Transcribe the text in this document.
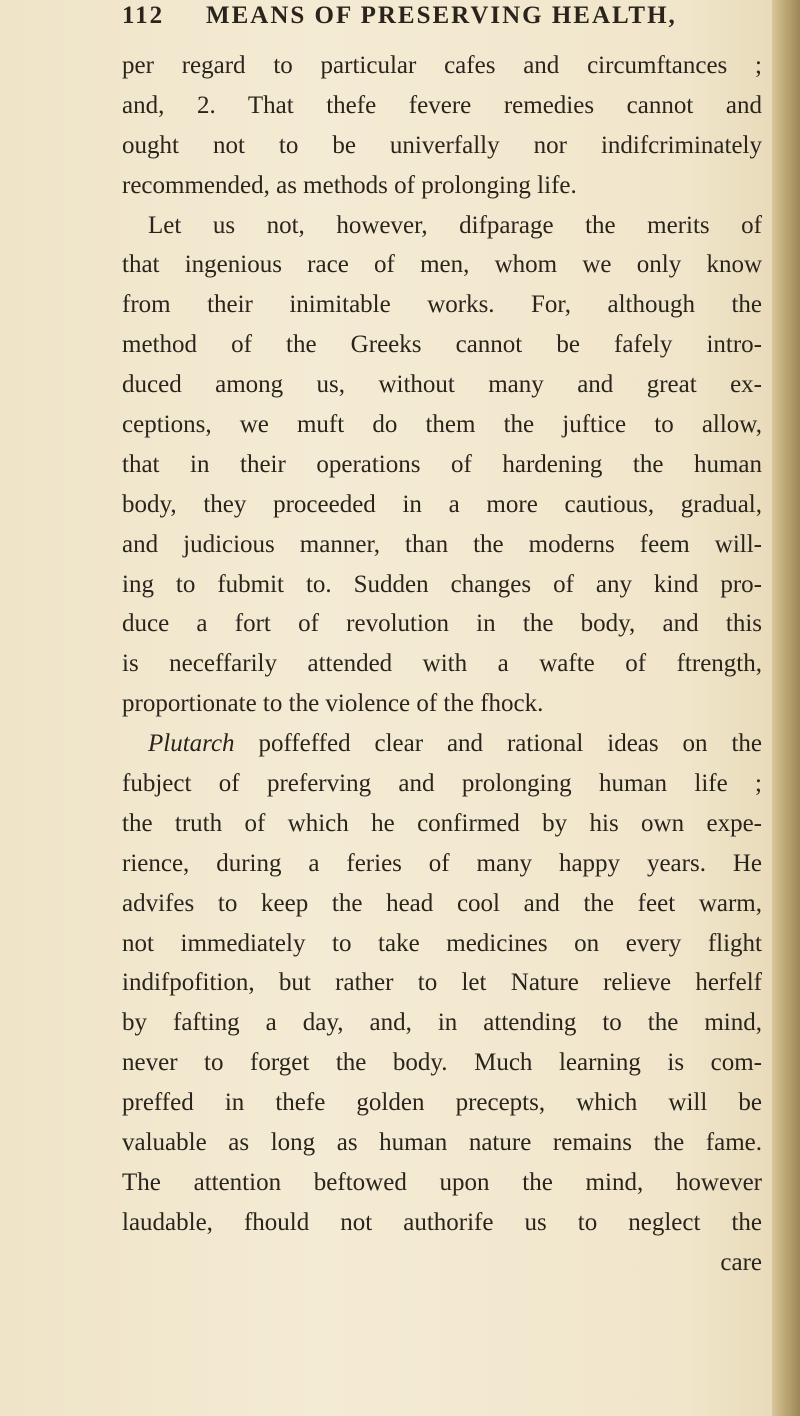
112 MEANS OF PRESERVING HEALTH,
per regard to particular cafes and circumftances ;
and, 2. That thefe fevere remedies cannot and
ought not to be univerfally nor indifcriminately
recommended, as methods of prolonging life.
Let us not, however, difparage the merits of
that ingenious race of men, whom we only know
from their inimitable works. For, although the
method of the Greeks cannot be fafely intro-
duced among us, without many and great ex-
ceptions, we muft do them the juftice to allow,
that in their operations of hardening the human
body, they proceeded in a more cautious, gradual,
and judicious manner, than the moderns feem will-
ing to fubmit to. Sudden changes of any kind pro-
duce a fort of revolution in the body, and this
is neceffarily attended with a wafte of ftrength,
proportionate to the violence of the fhock.
Plutarch poffeffed clear and rational ideas on the
fubject of preferving and prolonging human life ;
the truth of which he confirmed by his own expe-
rience, during a feries of many happy years. He
advifes to keep the head cool and the feet warm,
not immediately to take medicines on every flight
indifpofition, but rather to let Nature relieve herfelf
by fafting a day, and, in attending to the mind,
never to forget the body. Much learning is com-
preffed in thefe golden precepts, which will be
valuable as long as human nature remains the fame.
The attention beftowed upon the mind, however
laudable, fhould not authorife us to neglect the
care
